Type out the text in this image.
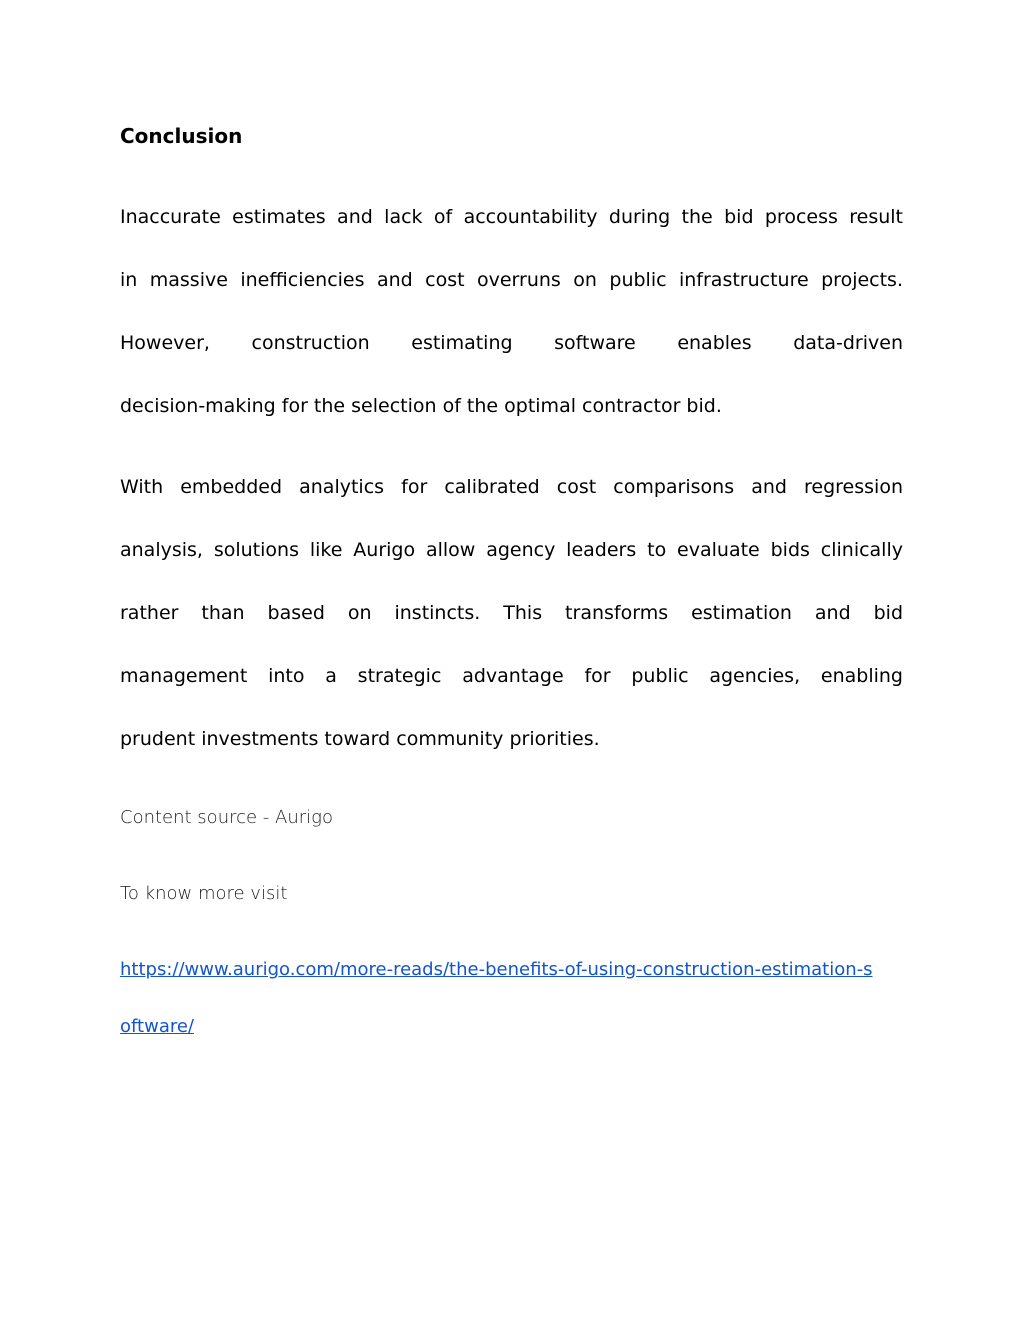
Conclusion
Inaccurate estimates and lack of accountability during the bid process result
in massive inefficiencies and cost overruns on public infrastructure projects.
However, construction estimating software enables data-driven
decision-making for the selection of the optimal contractor bid.
With embedded analytics for calibrated cost comparisons and regression
analysis, solutions like Aurigo allow agency leaders to evaluate bids clinically
rather than based on instincts. This transforms estimation and bid
management into a strategic advantage for public agencies, enabling
prudent investments toward community priorities.
Content source - Aurigo
To know more visit
https://www.aurigo.com/more-reads/the-benefits-of-using-construction-estimation-s
oftware/
